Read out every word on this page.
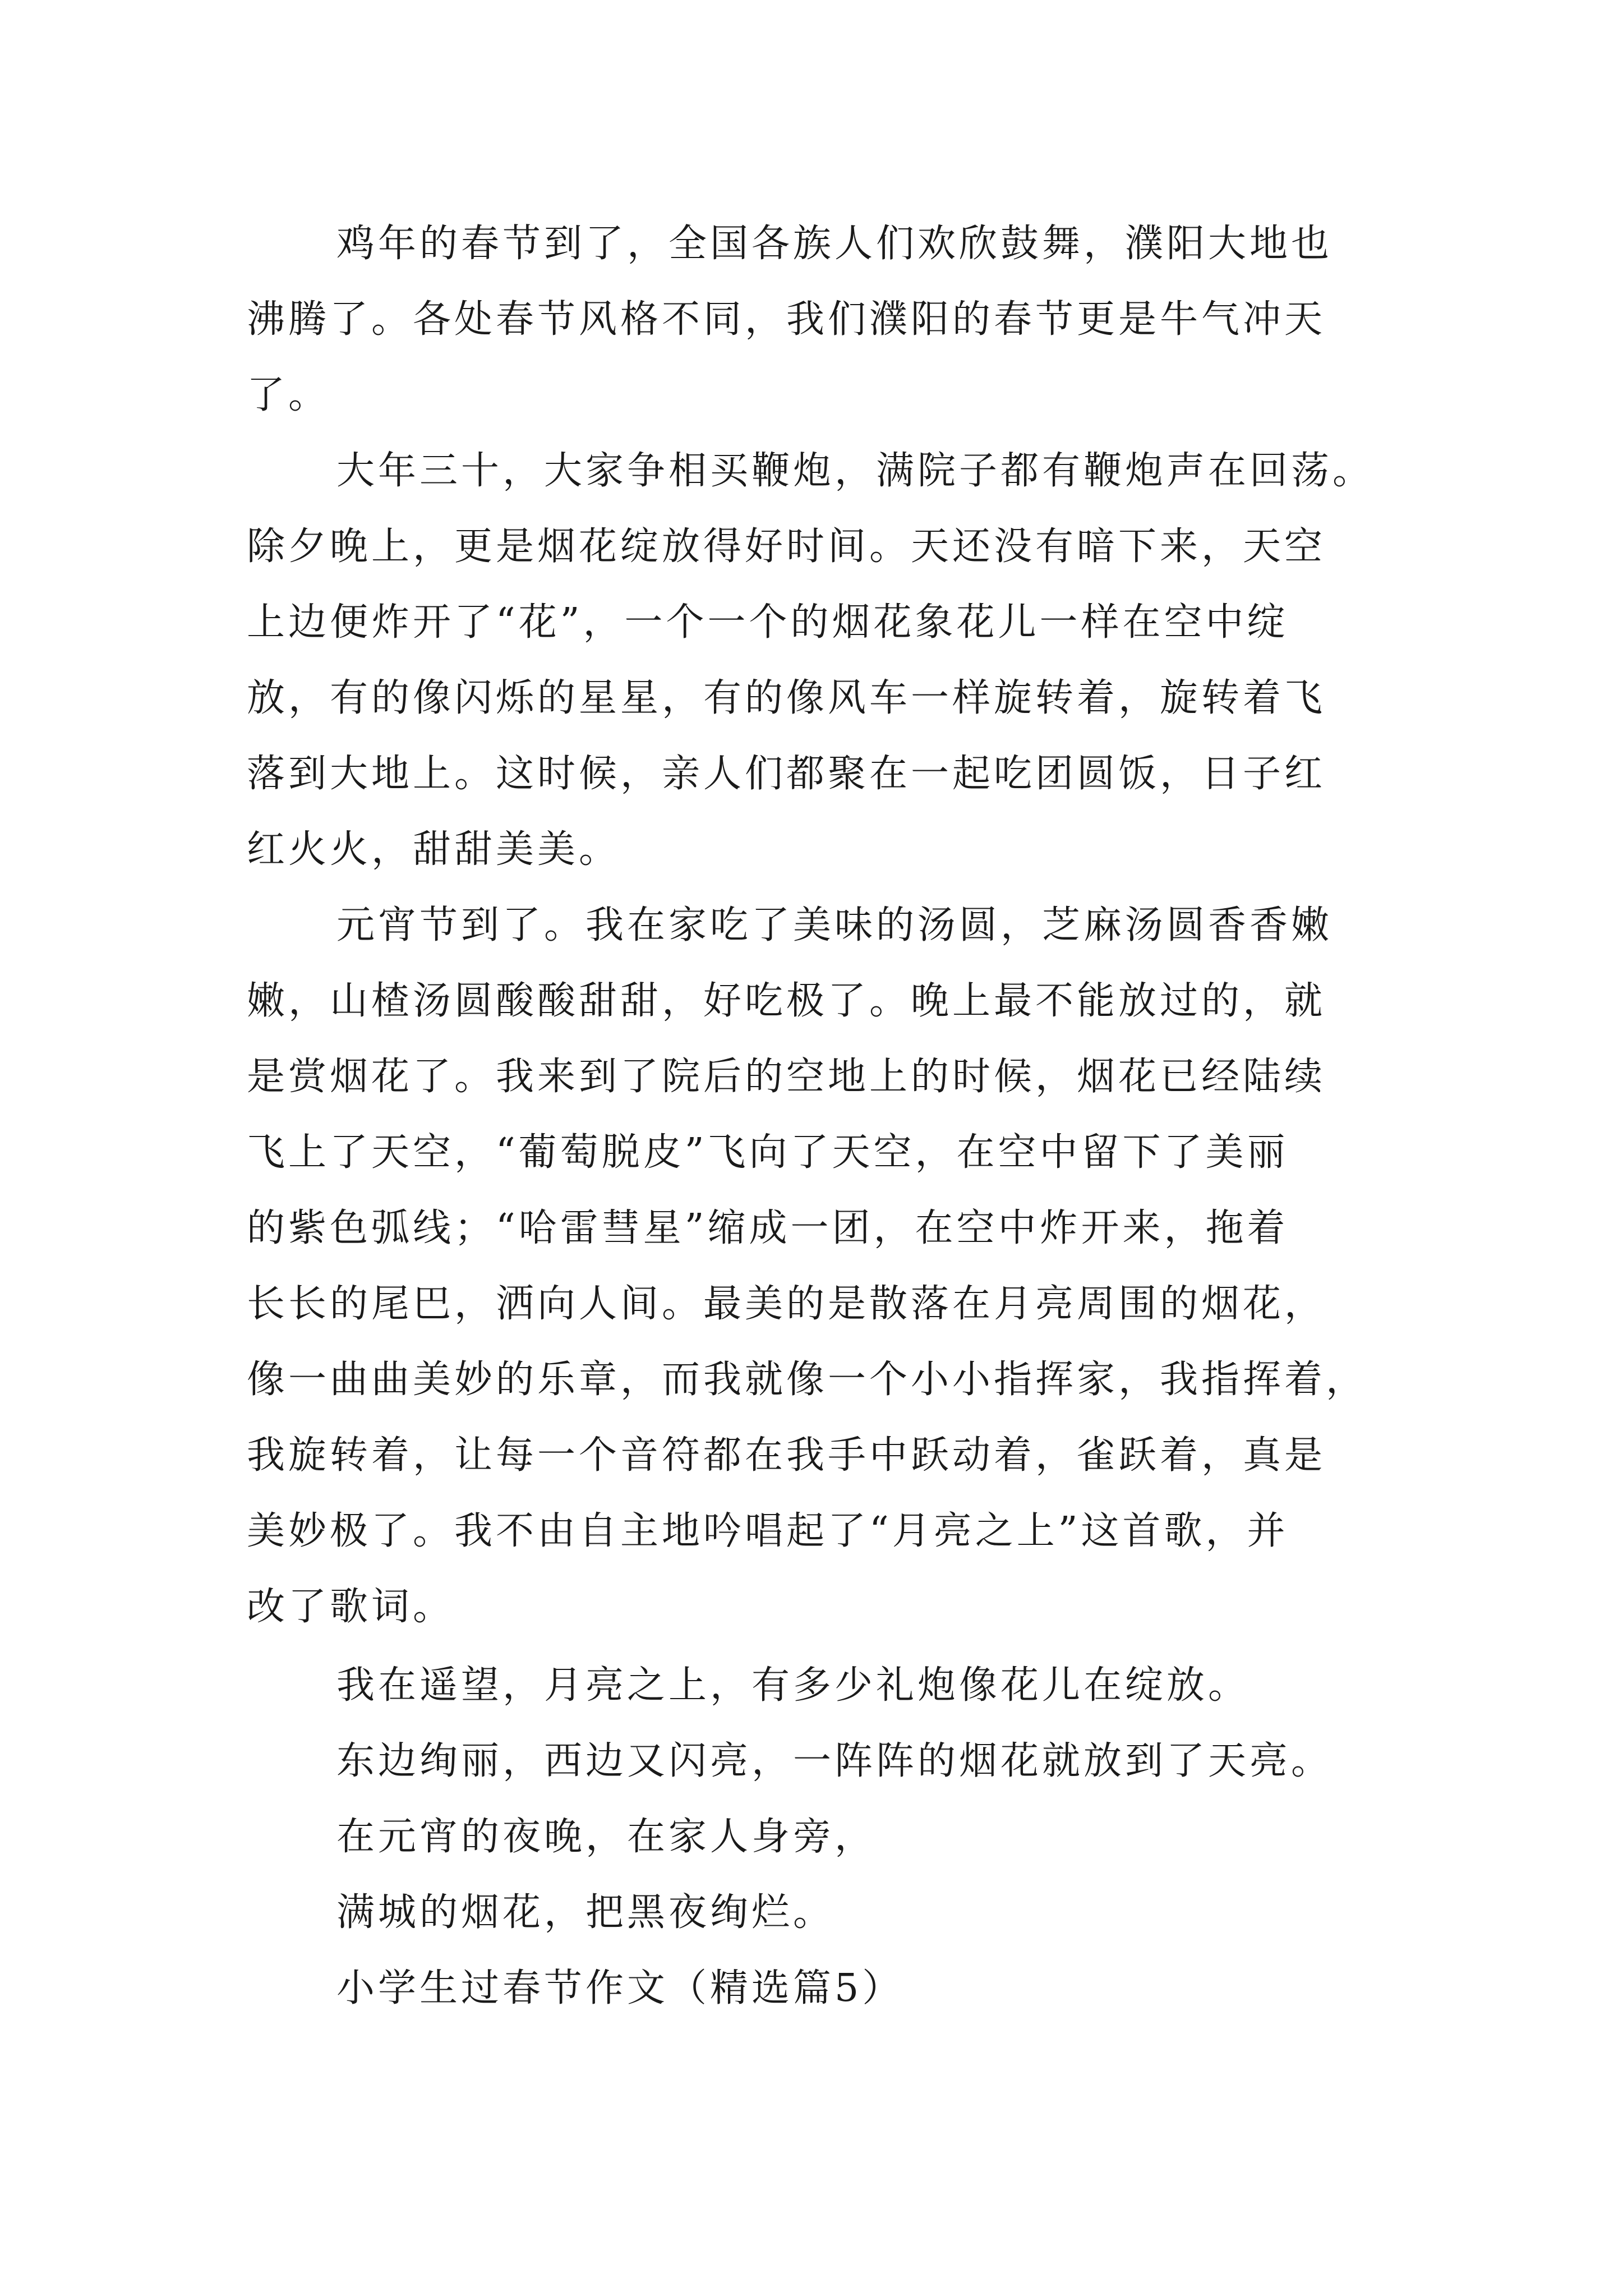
鸡年的春节到了，全国各族人们欢欣鼓舞，濮阳大地也
沸腾了。各处春节风格不同，我们濮阳的春节更是牛气冲天
了。
大年三十，大家争相买鞭炮，满院子都有鞭炮声在回荡。
除夕晚上，更是烟花绽放得好时间。天还没有暗下来，天空
上边便炸开了“花”，一个一个的烟花象花儿一样在空中绽
放，有的像闪烁的星星，有的像风车一样旋转着，旋转着飞
落到大地上。这时候，亲人们都聚在一起吃团圆饭，日子红
红火火，甜甜美美。
元宵节到了。我在家吃了美味的汤圆，芝麻汤圆香香嫩
嫩，山楂汤圆酸酸甜甜，好吃极了。晚上最不能放过的，就
是赏烟花了。我来到了院后的空地上的时候，烟花已经陆续
飞上了天空，“葡萄脱皮”飞向了天空，在空中留下了美丽
的紫色弧线；“哈雷彗星”缩成一团，在空中炸开来，拖着
长长的尾巴，洒向人间。最美的是散落在月亮周围的烟花，
像一曲曲美妙的乐章，而我就像一个小小指挥家，我指挥着，
我旋转着，让每一个音符都在我手中跃动着，雀跃着，真是
美妙极了。我不由自主地吟唱起了“月亮之上”这首歌，并
改了歌词。
我在遥望，月亮之上，有多少礼炮像花儿在绽放。
东边绚丽，西边又闪亮，一阵阵的烟花就放到了天亮。
在元宵的夜晚，在家人身旁，
满城的烟花，把黑夜绚烂。
小学生过春节作文（精选篇5）
